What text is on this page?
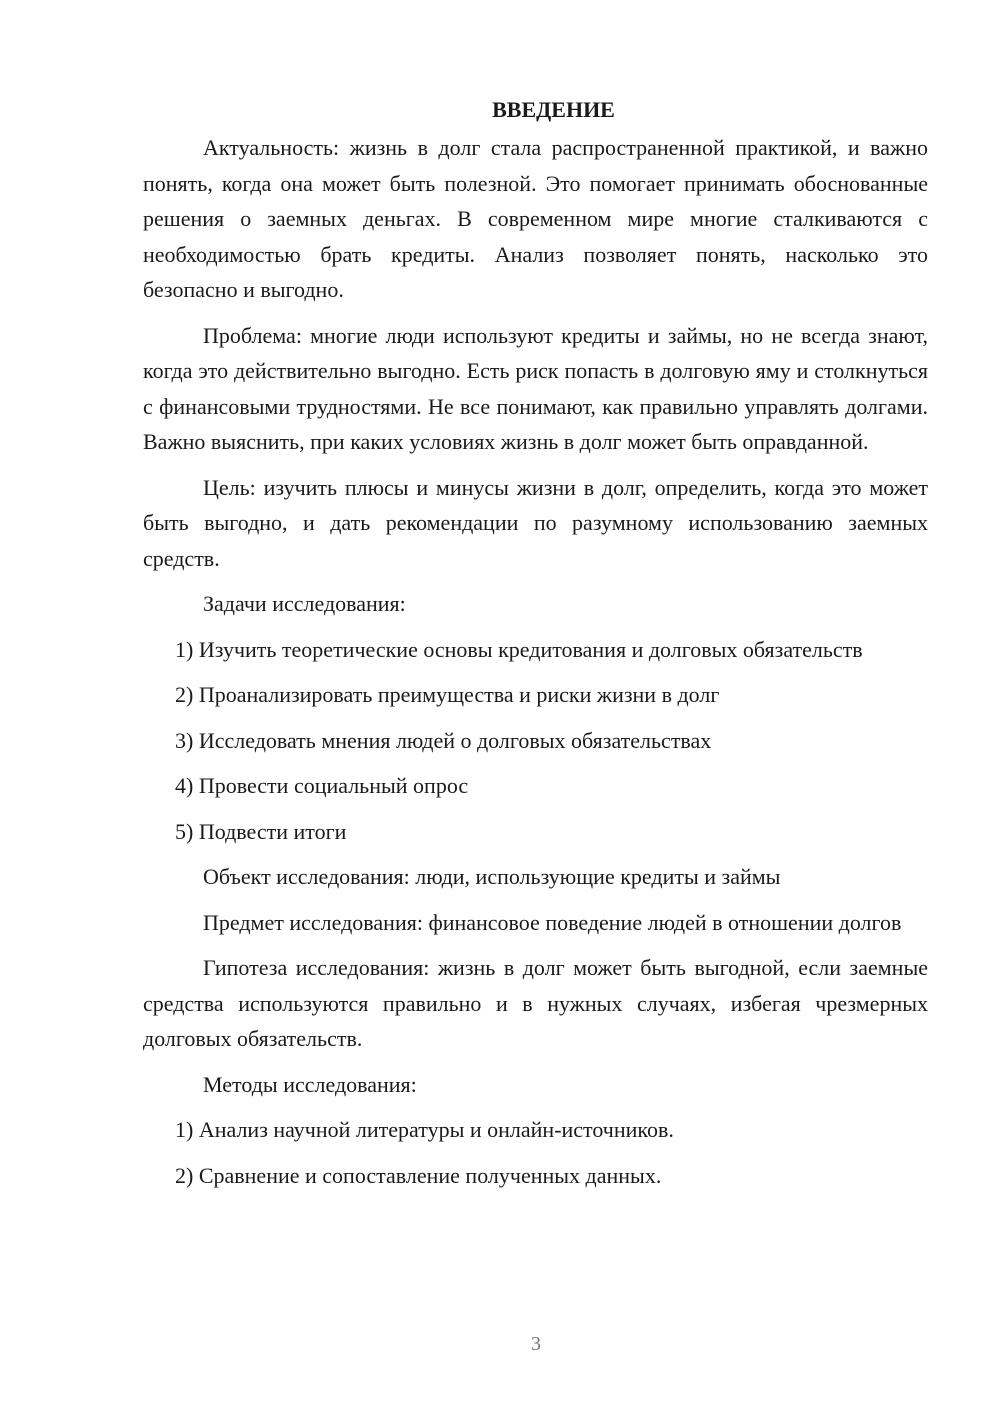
ВВЕДЕНИЕ

Актуальность: жизнь в долг стала распространенной практикой, и важно понять, когда она может быть полезной. Это помогает принимать обоснованные решения о заемных деньгах. В современном мире многие сталкиваются с необходимостью брать кредиты. Анализ позволяет понять, насколько это безопасно и выгодно.

Проблема: многие люди используют кредиты и займы, но не всегда знают, когда это действительно выгодно. Есть риск попасть в долговую яму и столкнуться с финансовыми трудностями. Не все понимают, как правильно управлять долгами. Важно выяснить, при каких условиях жизнь в долг может быть оправданной.

Цель: изучить плюсы и минусы жизни в долг, определить, когда это может быть выгодно, и дать рекомендации по разумному использованию заемных средств.

Задачи исследования:

1) Изучить теоретические основы кредитования и долговых обязательств

2) Проанализировать преимущества и риски жизни в долг

3) Исследовать мнения людей о долговых обязательствах

4) Провести социальный опрос

5) Подвести итоги

Объект исследования: люди, использующие кредиты и займы

Предмет исследования: финансовое поведение людей в отношении долгов

Гипотеза исследования: жизнь в долг может быть выгодной, если заемные средства используются правильно и в нужных случаях, избегая чрезмерных долговых обязательств.

Методы исследования:

1) Анализ научной литературы и онлайн-источников.

2) Сравнение и сопоставление полученных данных.

3
